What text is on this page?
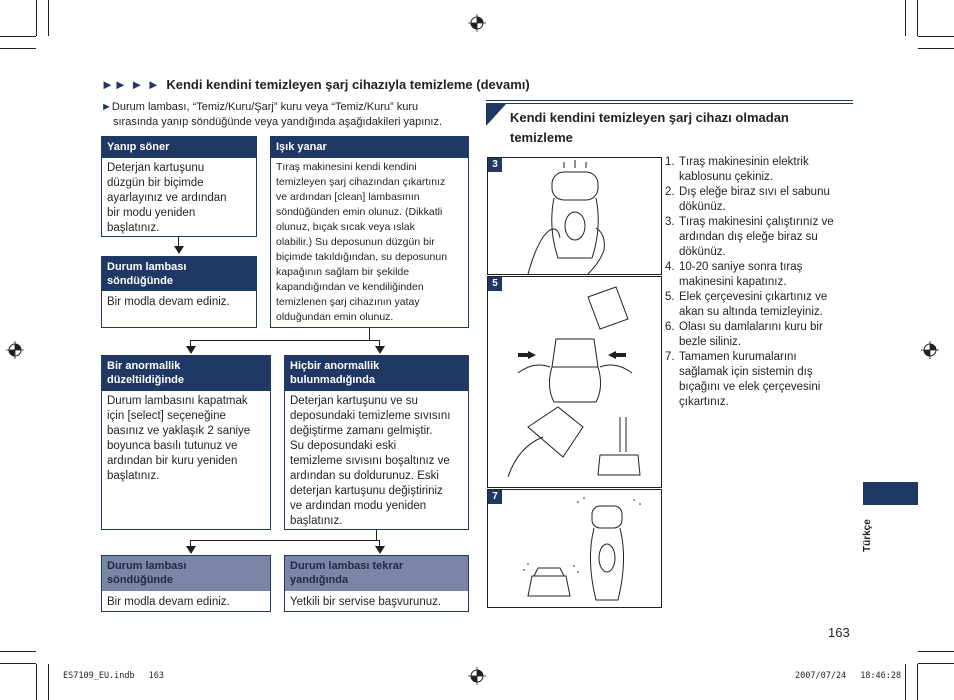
►► ► ► Kendi kendini temizleyen şarj cihazıyla temizleme (devamı)
►Durum lambası, “Temiz/Kuru/Şarj” kuru veya “Temiz/Kuru” kuru
sırasında yanıp söndüğünde veya yandığında aşağıdakileri yapınız.
Yanıp söner
Deterjan kartuşunu
düzgün bir biçimde
ayarlayınız ve ardından
bir modu yeniden
başlatınız.
Durum lambası
söndüğünde
Bir modla devam ediniz.
Işık yanar
Tıraş makinesini kendi kendini
temizleyen şarj cihazından çıkartınız
ve ardından [clean] lambasının
söndüğünden emin olunuz. (Dikkatli
olunuz, bıçak sıcak veya ıslak
olabilir.) Su deposunun düzgün bir
biçimde takıldığından, su deposunun
kapağının sağlam bir şekilde
kapandığından ve kendiliğinden
temizlenen şarj cihazının yatay
olduğundan emin olunuz.
Bir anormallik
düzeltildiğinde
Durum lambasını kapatmak
için [select] seçeneğine
basınız ve yaklaşık 2 saniye
boyunca basılı tutunuz ve
ardından bir kuru yeniden
başlatınız.
Hiçbir anormallik
bulunmadığında
Deterjan kartuşunu ve su
deposundaki temizleme sıvısını
değiştirme zamanı gelmiştir.
Su deposundaki eski
temizleme sıvısını boşaltınız ve
ardından su doldurunuz. Eski
deterjan kartuşunu değiştiriniz
ve ardından modu yeniden
başlatınız.
Durum lambası
söndüğünde
Bir modla devam ediniz.
Durum lambası tekrar
yandığında
Yetkili bir servise başvurunuz.
Kendi kendini temizleyen şarj cihazı olmadan
temizleme
3
5
7
1. Tıraş makinesinin elektrik
kablosunu çekiniz.
2. Dış eleğe biraz sıvı el sabunu
dökünüz.
3. Tıraş makinesini çalıştırınız ve
ardından dış eleğe biraz su
dökünüz.
4. 10-20 saniye sonra tıraş
makinesini kapatınız.
5. Elek çerçevesini çıkartınız ve
akan su altında temizleyiniz.
6. Olası su damlalarını kuru bir
bezle siliniz.
7. Tamamen kurumalarını
sağlamak için sistemin dış
bıçağını ve elek çerçevesini
çıkartınız.
Türkçe
163
ES7109_EU.indb 163	2007/07/24 18:46:28
